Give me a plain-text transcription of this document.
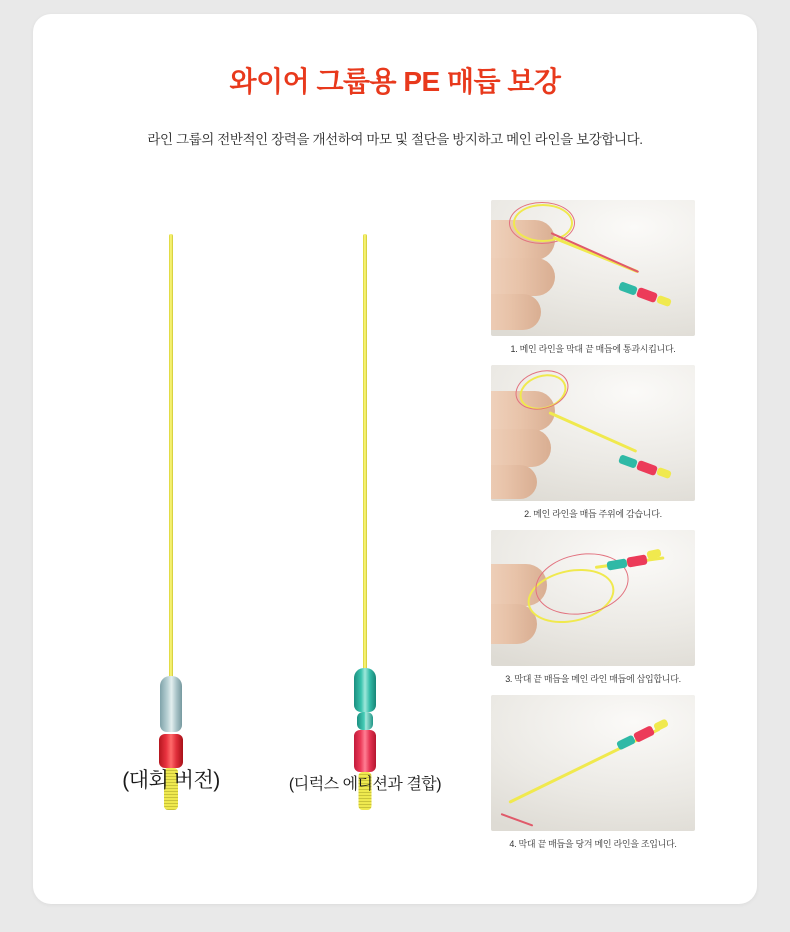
와이어 그룹용 PE 매듭 보강
라인 그룹의 전반적인 장력을 개선하여 마모 및 절단을 방지하고 메인 라인을 보강합니다.
(대회 버전)	(디럭스 에디션과 결합)
1. 메인 라인을 막대 끝 매듭에 통과시킵니다.
2. 메인 라인을 매듭 주위에 감습니다.
3. 막대 끝 매듭을 메인 라인 매듭에 삽입합니다.
4. 막대 끝 매듭을 당겨 메인 라인을 조입니다.
